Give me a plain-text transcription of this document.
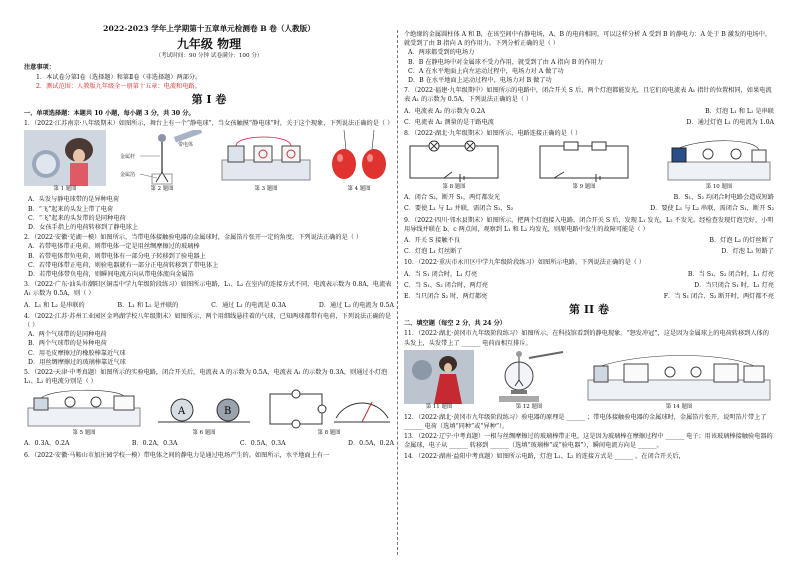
2022-2023 学年上学期第十五章单元检测卷 B 卷（人教版）
九年级 物理
（考试时间：90 分钟 试卷满分：100 分）
注意事项：
1．本试卷分第Ⅰ卷（选择题）和第Ⅱ卷（非选择题）两部分。
2．测试范围：人教版九年级全一册第十五章：电流和电路。
第 I 卷
一、单项选择题：本题共 10 小题，每小题 3 分，共 30 分。
1．（2022·江苏南京·八年级期末）如图所示，舞台上有一个“静电球”，当女孩触摸“静电球”时，关于这个现象，下列说法正确的是（ ）
第 1 题图
带电体
金属杆
金属箔
第 2 题图	第 3 题图	第 4 题图
A．头发与静电球带的是异种电荷
B．“飞”起来的头发上带了电荷
C．“飞”起来的头发带的是同种电荷
D．女孩手指上的电荷转移到了静电球上
2．（2022·安徽·芜湖一模）如图所示，当带电体接触验电器的金属球时，金属箔片张开一定的角度，下列说法正确的是（ ）
A．若带电体带正电荷，则带电体一定是用丝绸摩擦过的玻璃棒
B．若带电体带负电荷，则带电体有一部分电子转移到了验电器上
C．若带电体带正电荷，则验电器就有一部分正电荷转移到了带电体上
D．若带电体带负电荷，则瞬间电流方向从带电体流向金属箔
3．（2022·广东·汕头市潮阳区铜盂中学九年级阶段练习）如图所示电路，L₁、L₂ 在室内的连接方式不同，电流表示数为 0.8A，电流表 A₁ 示数为 0.5A，则（ ）
A．L₁ 和 L₂ 是串联的	B．L₁ 和 L₂ 是并联的	C．通过 L₁ 的电流是 0.3A	D．通过 L₂ 的电流为 0.5A
4．（2022·江苏·苏州工业园区金鸡湖学校八年级期末）如图所示，两个用细线悬挂着的气球，已知两球都带有电荷，下列说法正确的是（ ）
A．两个气球带的是同种电荷
B．两个气球带的是异种电荷
C．用毛皮摩擦过的橡胶棒靠近气球
D．用丝绸摩擦过的玻璃棒靠近气球
5．（2022·天津·中考真题）如图所示的实验电路，闭合开关后，电流表 A 的示数为 0.5A，电流表 A₁ 的示数为 0.3A，则通过小灯泡 L₁、L₂ 的电流分别是（ ）
第 5 题图
A	B
第 6 题图	第 8 题图
A．0.3A，0.2A	B．0.2A，0.3A	C．0.5A，0.3A	D．0.5A，0.2A
6．（2022·安徽·马鞍山市加庄园学校一模）带电体之间的静电力是通过电场产生的。如图所示，水平地面上有一
个绝缘的金属圆柱体 A 和 B，在该空间中有静电场，A、B 的电荷相同，可以这样分析 A 受到 B 的静电力：A 处于 B 激发的电场中，就受到了由 B 指向 A 的作用力。下列分析正确的是（ ）
A．两球都受到的电场力
B．B 在静电场中对金属球不受力作用，就受到了由 A 指向 B 的作用力
C．A 在水平地面上向左运动过程中，电场力对 A 做了功
D．B 在水平地面上运动过程中，电场力对 B 做了功
7．（2022·福建·九年级期中）如图所示的电路中，闭合开关 S 后，两个灯泡都能发光，且它们的电流表 A₁ 指针的位置相同，如果电流表 A₁ 的示数为 0.5A，下列说法正确的是（ ）
A．电流表 A₂ 的示数为 0.2A	B．灯泡 L₁ 和 L₂ 是串联
C．电流表 A₂ 测量的是干路电流	D．通过灯泡 L₁ 的电流为 1.0A
8．（2022·湖北·九年级期末）如图所示，电路连接正确的是（ ）
第 8 题图	第 9 题图	第 10 题图
A．闭合 S₂，断开 S₁，两灯都发光	B．S₁、S₂ 均闭合时电路会造成短路
C．要使 L₁ 与 L₂ 并联，需闭合 S₁、S₂	D．要使 L₁ 与 L₂ 串联，需闭合 S₁，断开 S₂
9．（2022·四川·邻水县期末）如图所示，把两个灯泡接入电路，闭合开关 S 后，发现 L₁ 发光，L₂ 不发光。经检查发现灯泡完好，小明用导线并联在 b、c 两点间，观察到 L₁ 和 L₂ 均发光，则原电路中发生的故障可能是（ ）
A．开关 S 接触不良	B．灯泡 L₂ 的灯丝断了
C．灯泡 L₁ 灯丝断了	D．灯泡 L₂ 短路了
10．（2022·重庆市永川区中学九年级阶段练习）如图所示电路，下列说法正确的是（ ）
A．当 S₁ 闭合时，L₁ 灯亮	B．当 S₁、S₂ 闭合时，L₁ 灯亮
C．当 S₁、S₂ 闭合时，两灯亮	D．当只闭合 S₁ 时，L₁ 灯亮
E．当只闭合 S₂ 时，两灯都亮	F．当 S₁ 闭合、S₂ 断开时，两灯都不亮
第 II 卷
二、填空题（每空 2 分，共 24 分）
11．（2022·湖北·黄冈市九年级阶段练习）如图所示，在科技馆看到的静电现象。“怒发冲冠”，这是因为金属球上的电荷转移到人体的头发上，头发带上了 ______ 电荷而相互排斥。
第 11 题图	第 12 题图	第 14 题图
12．（2022·湖北·黄冈市九年级阶段练习）验电器的原理是 ______ ；带电体接触验电器的金属球时，金属箔片张开，说明箔片带上了 ______ 电荷（选填“同种”或“异种”）。
13．（2022·辽宁·中考真题）一根与丝绸摩擦过的玻璃棒带正电，这是因为玻璃棒在摩擦过程中 ______ 电子；用该玻璃棒接触验电器的金属球，电子从 ______ 转移到 ______（选填“玻璃棒”或“验电器”），瞬间电流方向是 ______。
14．（2022·湖南·益阳中考真题）如图所示电路，灯泡 L₁、L₂ 的连接方式是 ______ 。在闭合开关后，
